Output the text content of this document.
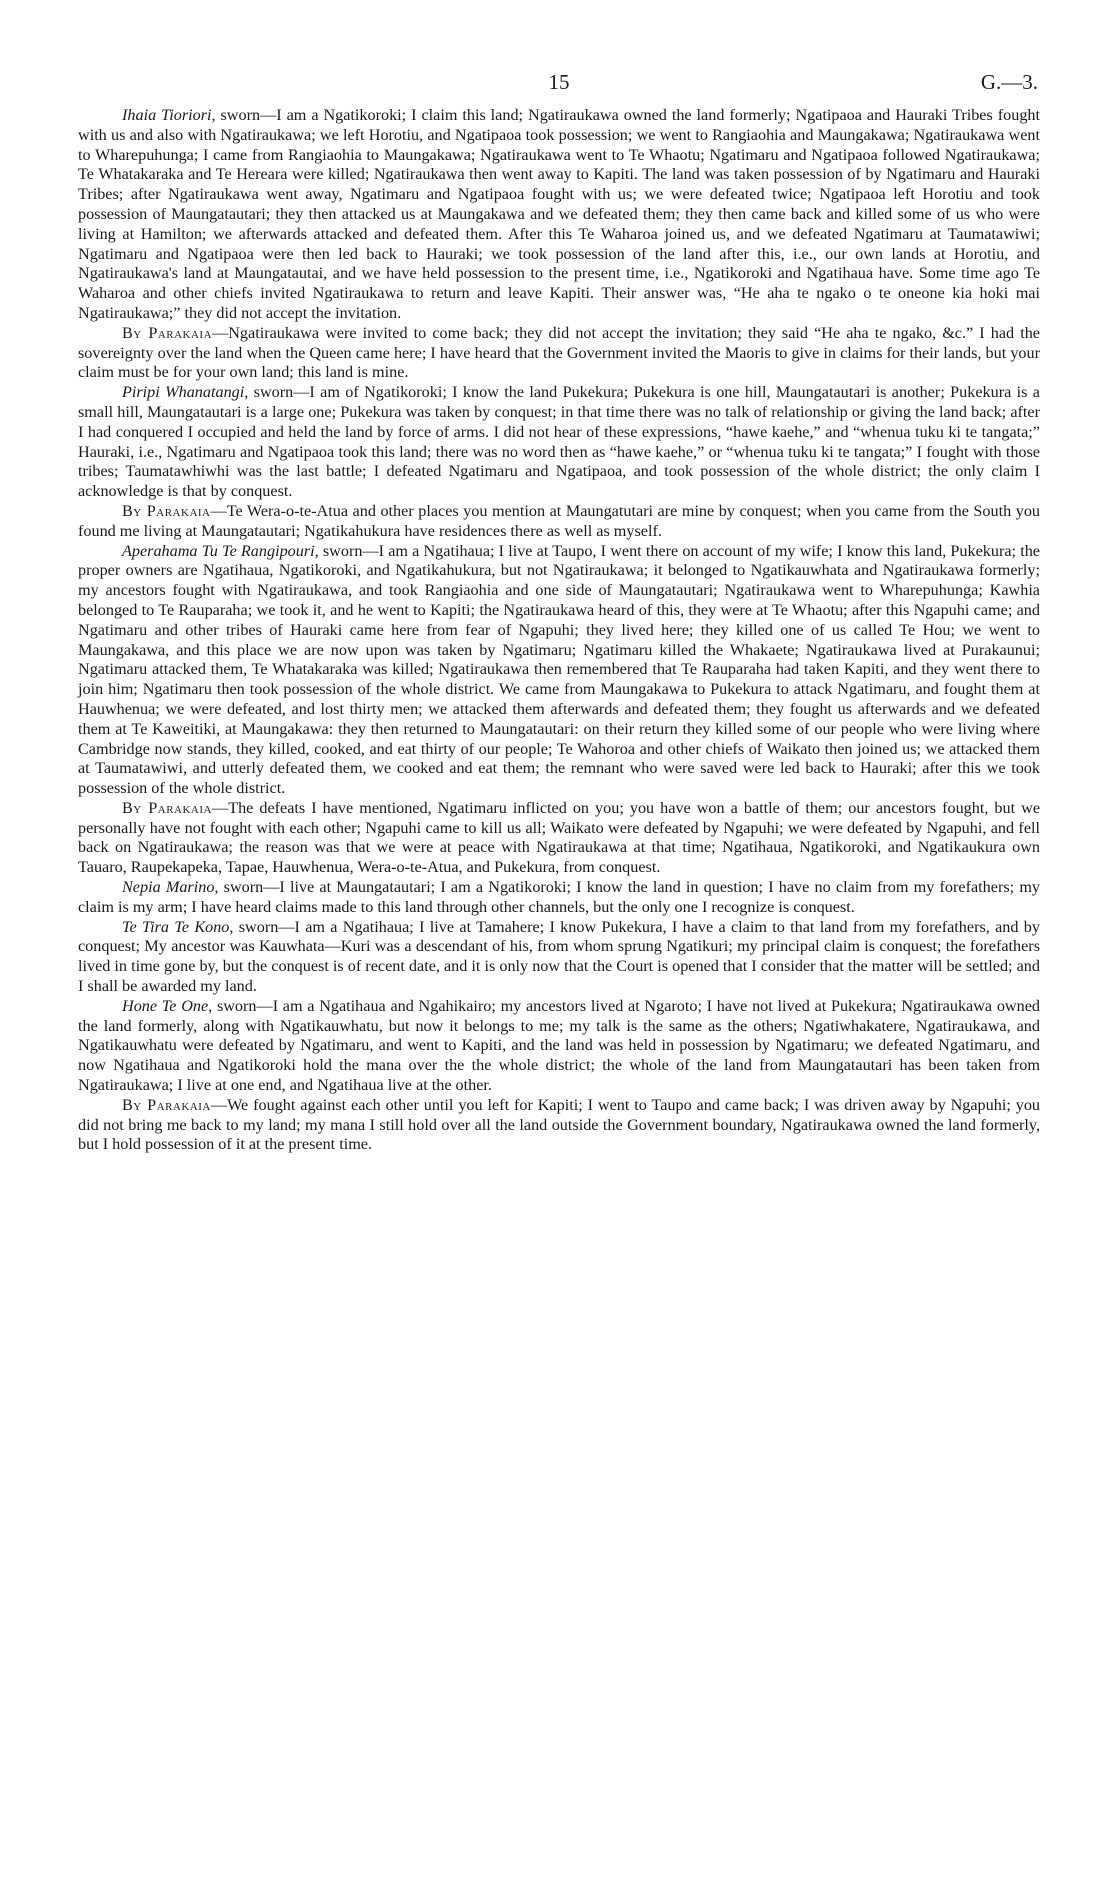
15	G.—3.

Ihaia Tioriori, sworn—I am a Ngatikoroki; I claim this land; Ngatiraukawa owned the land formerly; Ngatipaoa and Hauraki Tribes fought with us and also with Ngatiraukawa; we left Horotiu, and Ngatipaoa took possession; we went to Rangiaohia and Maungakawa; Ngatiraukawa went to Wharepuhunga; I came from Rangiaohia to Maungakawa; Ngatiraukawa went to Te Whaotu; Ngatimaru and Ngatipaoa followed Ngatiraukawa; Te Whatakaraka and Te Hereara were killed; Ngatiraukawa then went away to Kapiti. The land was taken possession of by Ngatimaru and Hauraki Tribes; after Ngatiraukawa went away, Ngatimaru and Ngatipaoa fought with us; we were defeated twice; Ngatipaoa left Horotiu and took possession of Maungatautari; they then attacked us at Maungakawa and we defeated them; they then came back and killed some of us who were living at Hamilton; we afterwards attacked and defeated them. After this Te Waharoa joined us, and we defeated Ngatimaru at Taumatawiwi; Ngatimaru and Ngatipaoa were then led back to Hauraki; we took possession of the land after this, i.e., our own lands at Horotiu, and Ngatiraukawa's land at Maungatautai, and we have held possession to the present time, i.e., Ngatikoroki and Ngatihaua have. Some time ago Te Waharoa and other chiefs invited Ngatiraukawa to return and leave Kapiti. Their answer was, “He aha te ngako o te oneone kia hoki mai Ngatiraukawa;” they did not accept the invitation.

By Parakaia—Ngatiraukawa were invited to come back; they did not accept the invitation; they said “He aha te ngako, &c.” I had the sovereignty over the land when the Queen came here; I have heard that the Government invited the Maoris to give in claims for their lands, but your claim must be for your own land; this land is mine.

Piripi Whanatangi, sworn—I am of Ngatikoroki; I know the land Pukekura; Pukekura is one hill, Maungatautari is another; Pukekura is a small hill, Maungatautari is a large one; Pukekura was taken by conquest; in that time there was no talk of relationship or giving the land back; after I had conquered I occupied and held the land by force of arms. I did not hear of these expressions, “hawe kaehe,” and “whenua tuku ki te tangata;” Hauraki, i.e., Ngatimaru and Ngatipaoa took this land; there was no word then as “hawe kaehe,” or “whenua tuku ki te tangata;” I fought with those tribes; Taumatawhiwhi was the last battle; I defeated Ngatimaru and Ngatipaoa, and took possession of the whole district; the only claim I acknowledge is that by conquest.

By Parakaia—Te Wera-o-te-Atua and other places you mention at Maungatutari are mine by conquest; when you came from the South you found me living at Maungatautari; Ngatikahukura have residences there as well as myself.

Aperahama Tu Te Rangipouri, sworn—I am a Ngatihaua; I live at Taupo, I went there on account of my wife; I know this land, Pukekura; the proper owners are Ngatihaua, Ngatikoroki, and Ngatikahukura, but not Ngatiraukawa; it belonged to Ngatikauwhata and Ngatiraukawa formerly; my ancestors fought with Ngatiraukawa, and took Rangiaohia and one side of Maungatautari; Ngatiraukawa went to Wharepuhunga; Kawhia belonged to Te Rauparaha; we took it, and he went to Kapiti; the Ngatiraukawa heard of this, they were at Te Whaotu; after this Ngapuhi came; and Ngatimaru and other tribes of Hauraki came here from fear of Ngapuhi; they lived here; they killed one of us called Te Hou; we went to Maungakawa, and this place we are now upon was taken by Ngatimaru; Ngatimaru killed the Whakaete; Ngatiraukawa lived at Purakaunui; Ngatimaru attacked them, Te Whatakaraka was killed; Ngatiraukawa then remembered that Te Rauparaha had taken Kapiti, and they went there to join him; Ngatimaru then took possession of the whole district. We came from Maungakawa to Pukekura to attack Ngatimaru, and fought them at Hauwhenua; we were defeated, and lost thirty men; we attacked them afterwards and defeated them; they fought us afterwards and we defeated them at Te Kaweitiki, at Maungakawa: they then returned to Maungatautari: on their return they killed some of our people who were living where Cambridge now stands, they killed, cooked, and eat thirty of our people; Te Wahoroa and other chiefs of Waikato then joined us; we attacked them at Taumatawiwi, and utterly defeated them, we cooked and eat them; the remnant who were saved were led back to Hauraki; after this we took possession of the whole district.

By Parakaia—The defeats I have mentioned, Ngatimaru inflicted on you; you have won a battle of them; our ancestors fought, but we personally have not fought with each other; Ngapuhi came to kill us all; Waikato were defeated by Ngapuhi; we were defeated by Ngapuhi, and fell back on Ngatiraukawa; the reason was that we were at peace with Ngatiraukawa at that time; Ngatihaua, Ngatikoroki, and Ngatikaukura own Tauaro, Raupekapeka, Tapae, Hauwhenua, Wera-o-te-Atua, and Pukekura, from conquest.

Nepia Marino, sworn—I live at Maungatautari; I am a Ngatikoroki; I know the land in question; I have no claim from my forefathers; my claim is my arm; I have heard claims made to this land through other channels, but the only one I recognize is conquest.

Te Tira Te Kono, sworn—I am a Ngatihaua; I live at Tamahere; I know Pukekura, I have a claim to that land from my forefathers, and by conquest; My ancestor was Kauwhata—Kuri was a descendant of his, from whom sprung Ngatikuri; my principal claim is conquest; the forefathers lived in time gone by, but the conquest is of recent date, and it is only now that the Court is opened that I consider that the matter will be settled; and I shall be awarded my land.

Hone Te One, sworn—I am a Ngatihaua and Ngahikairo; my ancestors lived at Ngaroto; I have not lived at Pukekura; Ngatiraukawa owned the land formerly, along with Ngatikauwhatu, but now it belongs to me; my talk is the same as the others; Ngatiwhakatere, Ngatiraukawa, and Ngatikauwhatu were defeated by Ngatimaru, and went to Kapiti, and the land was held in possession by Ngatimaru; we defeated Ngatimaru, and now Ngatihaua and Ngatikoroki hold the mana over the the whole district; the whole of the land from Maungatautari has been taken from Ngatiraukawa; I live at one end, and Ngatihaua live at the other.

By Parakaia—We fought against each other until you left for Kapiti; I went to Taupo and came back; I was driven away by Ngapuhi; you did not bring me back to my land; my mana I still hold over all the land outside the Government boundary, Ngatiraukawa owned the land formerly, but I hold possession of it at the present time.
